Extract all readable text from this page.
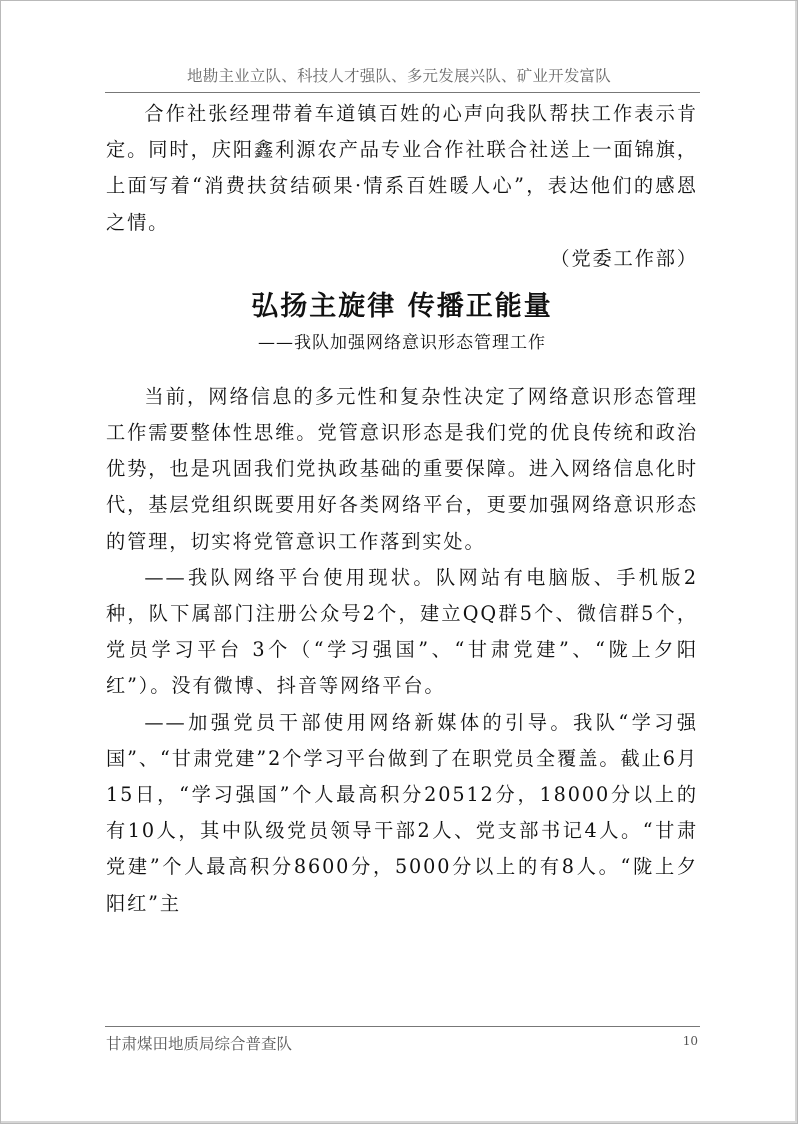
地勘主业立队、科技人才强队、多元发展兴队、矿业开发富队

合作社张经理带着车道镇百姓的心声向我队帮扶工作表示肯定。同时，庆阳鑫利源农产品专业合作社联合社送上一面锦旗，上面写着“消费扶贫结硕果·情系百姓暖人心”，表达他们的感恩之情。

（党委工作部）

弘扬主旋律 传播正能量
——我队加强网络意识形态管理工作

当前，网络信息的多元性和复杂性决定了网络意识形态管理工作需要整体性思维。党管意识形态是我们党的优良传统和政治优势，也是巩固我们党执政基础的重要保障。进入网络信息化时代，基层党组织既要用好各类网络平台，更要加强网络意识形态的管理，切实将党管意识工作落到实处。

——我队网络平台使用现状。队网站有电脑版、手机版2种，队下属部门注册公众号2个，建立QQ群5个、微信群5个，党员学习平台 3个（“学习强国”、“甘肃党建”、“陇上夕阳红”）。没有微博、抖音等网络平台。

——加强党员干部使用网络新媒体的引导。我队“学习强国”、“甘肃党建”2个学习平台做到了在职党员全覆盖。截止6月15日，“学习强国”个人最高积分20512分，18000分以上的有10人，其中队级党员领导干部2人、党支部书记4人。“甘肃党建”个人最高积分8600分，5000分以上的有8人。“陇上夕阳红”主

甘肃煤田地质局综合普查队	10
